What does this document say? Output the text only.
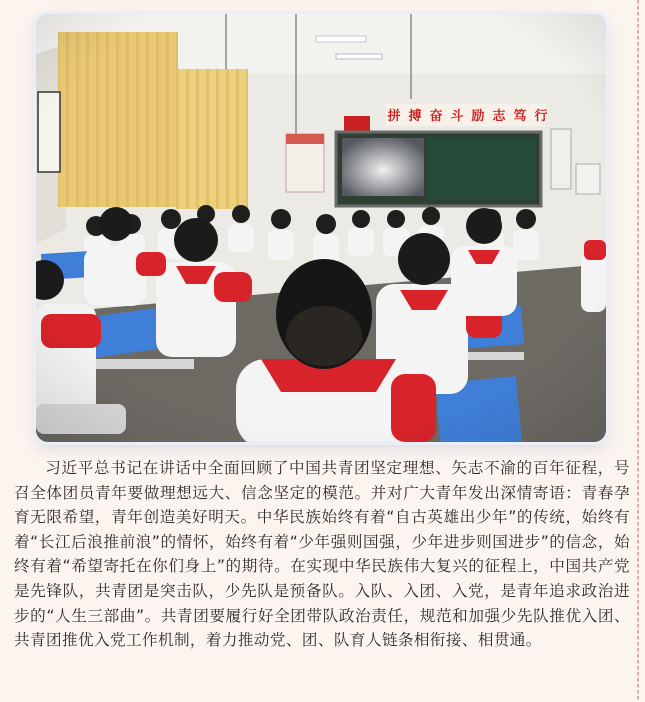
习近平总书记在讲话中全面回顾了中国共青团坚定理想、矢志不渝的百年征程，号召全体团员青年要做理想远大、信念坚定的模范。并对广大青年发出深情寄语：青春孕育无限希望，青年创造美好明天。中华民族始终有着“自古英雄出少年”的传统，始终有着“长江后浪推前浪”的情怀，始终有着“少年强则国强，少年进步则国进步”的信念，始终有着“希望寄托在你们身上”的期待。在实现中华民族伟大复兴的征程上，中国共产党是先锋队，共青团是突击队，少先队是预备队。入队、入团、入党，是青年追求政治进步的“人生三部曲”。共青团要履行好全团带队政治责任，规范和加强少先队推优入团、共青团推优入党工作机制，着力推动党、团、队育人链条相衔接、相贯通。
